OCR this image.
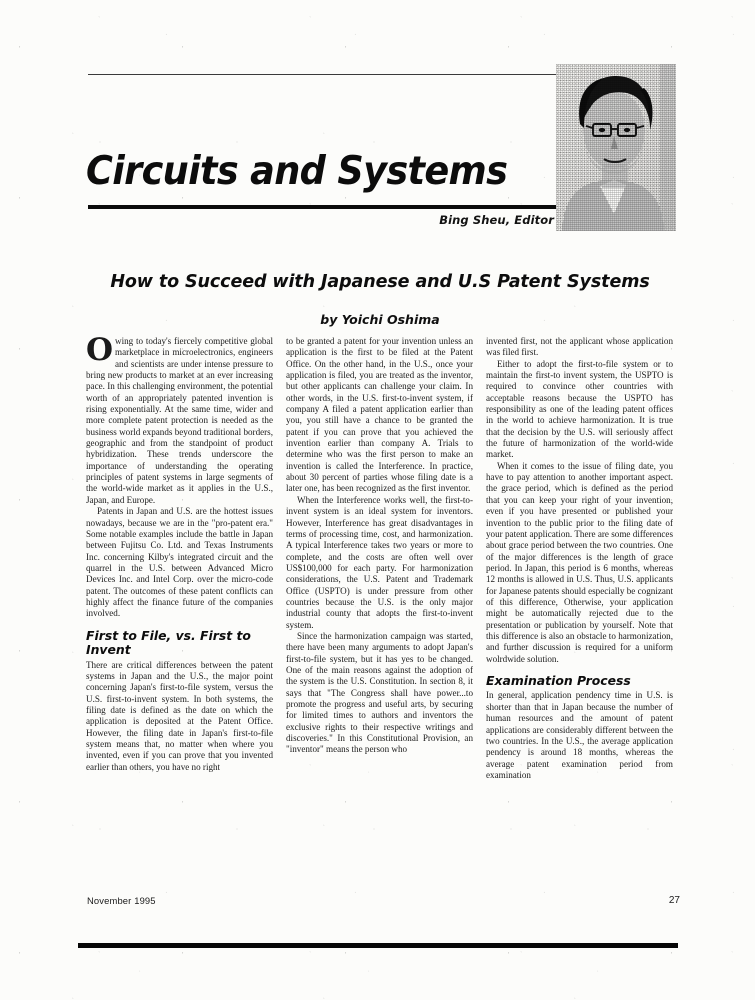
Circuits and Systems
Bing Sheu, Editor
How to Succeed with Japanese and U.S Patent Systems
by Yoichi Oshima

Owing to today's fiercely competitive global marketplace in microelectronics, engineers and scientists are under intense pressure to bring new products to market at an ever increasing pace. In this challenging environment, the potential worth of an appropriately patented invention is rising exponentially. At the same time, wider and more complete patent protection is needed as the business world expands beyond traditional borders, geographic and from the standpoint of product hybridization. These trends underscore the importance of understanding the operating principles of patent systems in large segments of the world-wide market as it applies in the U.S., Japan, and Europe.

Patents in Japan and U.S. are the hottest issues nowadays, because we are in the "pro-patent era." Some notable examples include the battle in Japan between Fujitsu Co. Ltd. and Texas Instruments Inc. concerning Kilby's integrated circuit and the quarrel in the U.S. between Advanced Micro Devices Inc. and Intel Corp. over the micro-code patent. The outcomes of these patent conflicts can highly affect the finance future of the companies involved.

First to File, vs. First to Invent

There are critical differences between the patent systems in Japan and the U.S., the major point concerning Japan's first-to-file system, versus the U.S. first-to-invent system. In both systems, the filing date is defined as the date on which the application is deposited at the Patent Office. However, the filing date in Japan's first-to-file system means that, no matter when where you invented, even if you can prove that you invented earlier than others, you have no right

to be granted a patent for your invention unless an application is the first to be filed at the Patent Office. On the other hand, in the U.S., once your application is filed, you are treated as the inventor, but other applicants can challenge your claim. In other words, in the U.S. first-to-invent system, if company A filed a patent application earlier than you, you still have a chance to be granted the patent if you can prove that you achieved the invention earlier than company A. Trials to determine who was the first person to make an invention is called the Interference. In practice, about 30 percent of parties whose filing date is a later one, has been recognized as the first inventor.

When the Interference works well, the first-to-invent system is an ideal system for inventors. However, Interference has great disadvantages in terms of processing time, cost, and harmonization. A typical Interference takes two years or more to complete, and the costs are often well over US$100,000 for each party. For harmonization considerations, the U.S. Patent and Trademark Office (USPTO) is under pressure from other countries because the U.S. is the only major industrial county that adopts the first-to-invent system.

Since the harmonization campaign was started, there have been many arguments to adopt Japan's first-to-file system, but it has yes to be changed. One of the main reasons against the adoption of the system is the U.S. Constitution. In section 8, it says that "The Congress shall have power...to promote the progress and useful arts, by securing for limited times to authors and inventors the exclusive rights to their respective writings and discoveries." In this Constitutional Provision, an "inventor" means the person who

invented first, not the applicant whose application was filed first.

Either to adopt the first-to-file system or to maintain the first-to invent system, the USPTO is required to convince other countries with acceptable reasons because the USPTO has responsibility as one of the leading patent offices in the world to achieve harmonization. It is true that the decision by the U.S. will seriously affect the future of harmonization of the world-wide market.

When it comes to the issue of filing date, you have to pay attention to another important aspect. the grace period, which is defined as the period that you can keep your right of your invention, even if you have presented or published your invention to the public prior to the filing date of your patent application. There are some differences about grace period between the two countries. One of the major differences is the length of grace period. In Japan, this period is 6 months, whereas 12 months is allowed in U.S. Thus, U.S. applicants for Japanese patents should especially be cognizant of this difference, Otherwise, your application might be automatically rejected due to the presentation or publication by yourself. Note that this difference is also an obstacle to harmonization, and further discussion is required for a uniform wolrdwide solution.

Examination Process

In general, application pendency time in U.S. is shorter than that in Japan because the number of human resources and the amount of patent applications are considerably different between the two countries. In the U.S., the average application pendency is around 18 months, whereas the average patent examination period from examination

November 1995	27
